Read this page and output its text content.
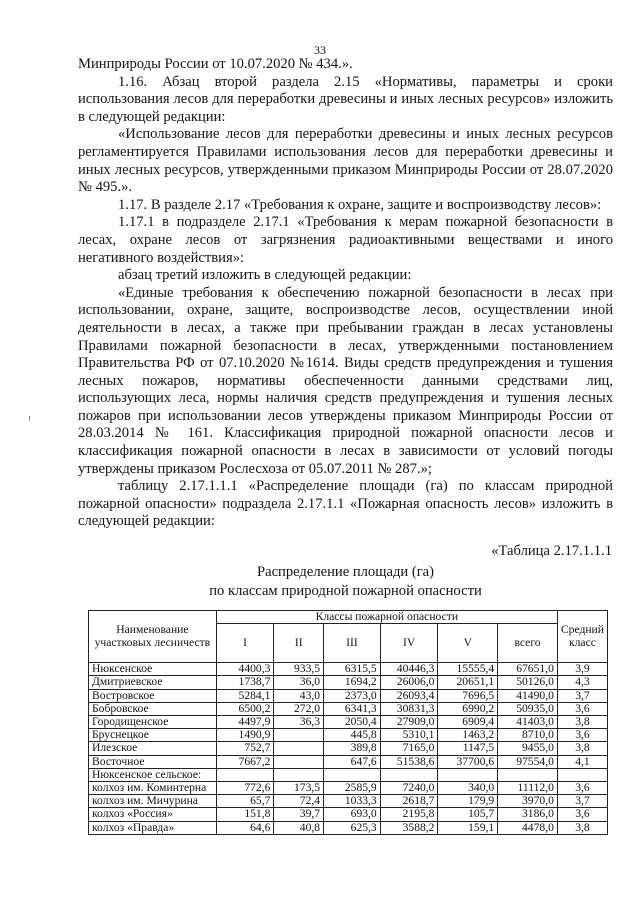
33

Минприроды России от 10.07.2020 № 434.».

1.16. Абзац второй раздела 2.15 «Нормативы, параметры и сроки использования лесов для переработки древесины и иных лесных ресурсов» изложить в следующей редакции:

«Использование лесов для переработки древесины и иных лесных ресурсов регламентируется Правилами использования лесов для переработки древесины и иных лесных ресурсов, утвержденными приказом Минприроды России от 28.07.2020 № 495.».

1.17. В разделе 2.17 «Требования к охране, защите и воспроизводству лесов»:

1.17.1 в подразделе 2.17.1 «Требования к мерам пожарной безопасности в лесах, охране лесов от загрязнения радиоактивными веществами и иного негативного воздействия»:

абзац третий изложить в следующей редакции:

«Единые требования к обеспечению пожарной безопасности в лесах при использовании, охране, защите, воспроизводстве лесов, осуществлении иной деятельности в лесах, а также при пребывании граждан в лесах установлены Правилами пожарной безопасности в лесах, утвержденными постановлением Правительства РФ от 07.10.2020 №1614. Виды средств предупреждения и тушения лесных пожаров, нормативы обеспеченности данными средствами лиц, использующих леса, нормы наличия средств предупреждения и тушения лесных пожаров при использовании лесов утверждены приказом Минприроды России от 28.03.2014 № 161. Классификация природной пожарной опасности лесов и классификация пожарной опасности в лесах в зависимости от условий погоды утверждены приказом Рослесхоза от 05.07.2011 № 287.»;

таблицу 2.17.1.1.1 «Распределение площади (га) по классам природной пожарной опасности» подраздела 2.17.1.1 «Пожарная опасность лесов» изложить в следующей редакции:

«Таблица 2.17.1.1.1
Распределение площади (га)
по классам природной пожарной опасности
Наименование участковых лесничеств	Классы пожарной опасности						Средний класс
	I	II	III	IV	V	всего	
Нюксенское	4400,3	933,5	6315,5	40446,3	15555,4	67651,0	3,9
Дмитриевское	1738,7	36,0	1694,2	26006,0	20651,1	50126,0	4,3
Востровское	5284,1	43,0	2373,0	26093,4	7696,5	41490,0	3,7
Бобровское	6500,2	272,0	6341,3	30831,3	6990,2	50935,0	3,6
Городищенское	4497,9	36,3	2050,4	27909,0	6909,4	41403,0	3,8
Бруснецкое	1490,9		445,8	5310,1	1463,2	8710,0	3,6
Илезское	752,7		389,8	7165,0	1147,5	9455,0	3,8
Восточное	7667,2		647,6	51538,6	37700,6	97554,0	4,1
Нюксенское сельское:							
колхоз им. Коминтерна	772,6	173,5	2585,9	7240,0	340,0	11112,0	3,6
колхоз им. Мичурина	65,7	72,4	1033,3	2618,7	179,9	3970,0	3,7
колхоз «Россия»	151,8	39,7	693,0	2195,8	105,7	3186,0	3,6
колхоз «Правда»	64,6	40,8	625,3	3588,2	159,1	4478,0	3,8
